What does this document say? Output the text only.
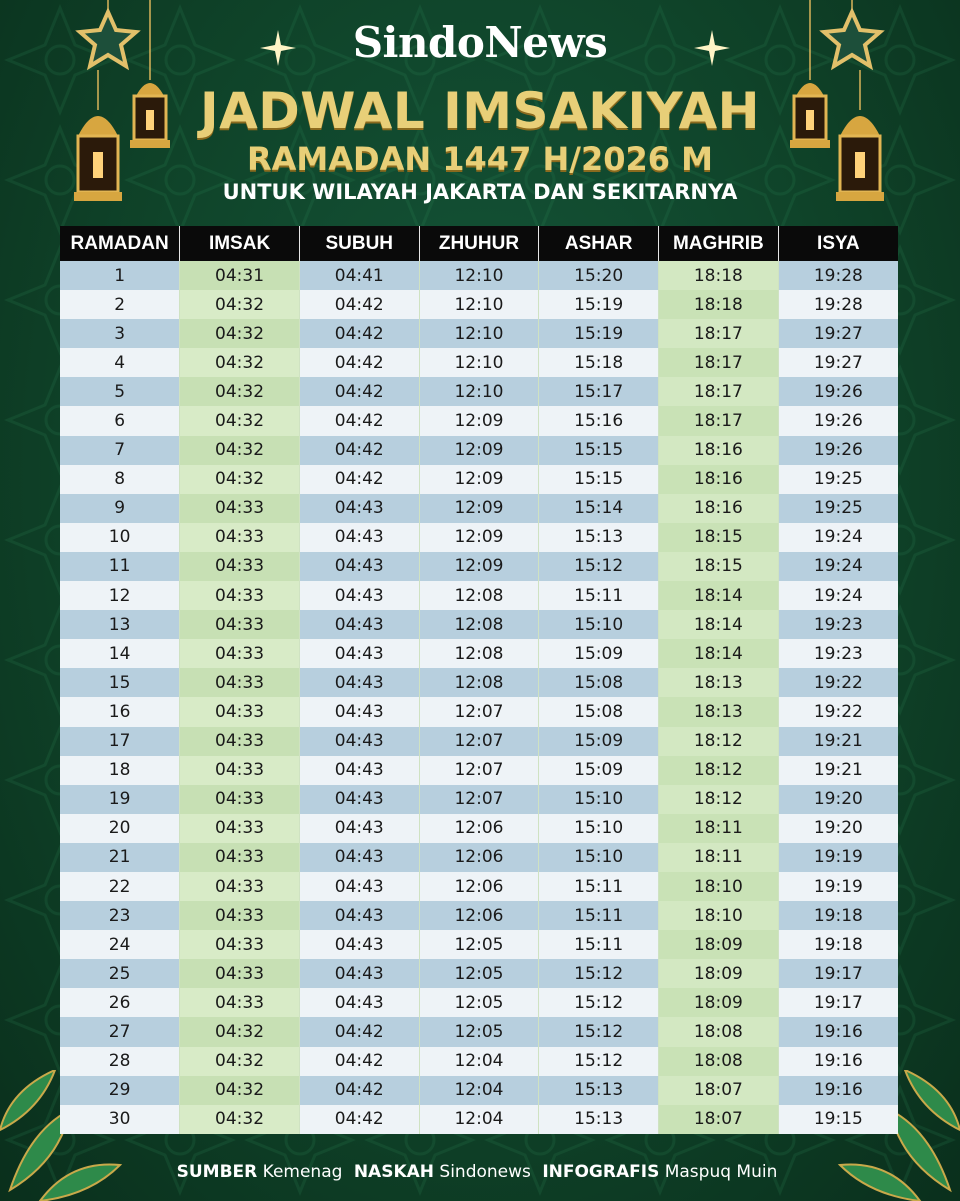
SindoNews
JADWAL IMSAKIYAH
RAMADAN 1447 H/2026 M
UNTUK WILAYAH JAKARTA DAN SEKITARNYA
RAMADAN	IMSAK	SUBUH	ZHUHUR	ASHAR	MAGHRIB	ISYA
1	04:31	04:41	12:10	15:20	18:18	19:28
2	04:32	04:42	12:10	15:19	18:18	19:28
3	04:32	04:42	12:10	15:19	18:17	19:27
4	04:32	04:42	12:10	15:18	18:17	19:27
5	04:32	04:42	12:10	15:17	18:17	19:26
6	04:32	04:42	12:09	15:16	18:17	19:26
7	04:32	04:42	12:09	15:15	18:16	19:26
8	04:32	04:42	12:09	15:15	18:16	19:25
9	04:33	04:43	12:09	15:14	18:16	19:25
10	04:33	04:43	12:09	15:13	18:15	19:24
11	04:33	04:43	12:09	15:12	18:15	19:24
12	04:33	04:43	12:08	15:11	18:14	19:24
13	04:33	04:43	12:08	15:10	18:14	19:23
14	04:33	04:43	12:08	15:09	18:14	19:23
15	04:33	04:43	12:08	15:08	18:13	19:22
16	04:33	04:43	12:07	15:08	18:13	19:22
17	04:33	04:43	12:07	15:09	18:12	19:21
18	04:33	04:43	12:07	15:09	18:12	19:21
19	04:33	04:43	12:07	15:10	18:12	19:20
20	04:33	04:43	12:06	15:10	18:11	19:20
21	04:33	04:43	12:06	15:10	18:11	19:19
22	04:33	04:43	12:06	15:11	18:10	19:19
23	04:33	04:43	12:06	15:11	18:10	19:18
24	04:33	04:43	12:05	15:11	18:09	19:18
25	04:33	04:43	12:05	15:12	18:09	19:17
26	04:33	04:43	12:05	15:12	18:09	19:17
27	04:32	04:42	12:05	15:12	18:08	19:16
28	04:32	04:42	12:04	15:12	18:08	19:16
29	04:32	04:42	12:04	15:13	18:07	19:16
30	04:32	04:42	12:04	15:13	18:07	19:15
SUMBER Kemenag NASKAH Sindonews INFOGRAFIS Maspuq Muin
